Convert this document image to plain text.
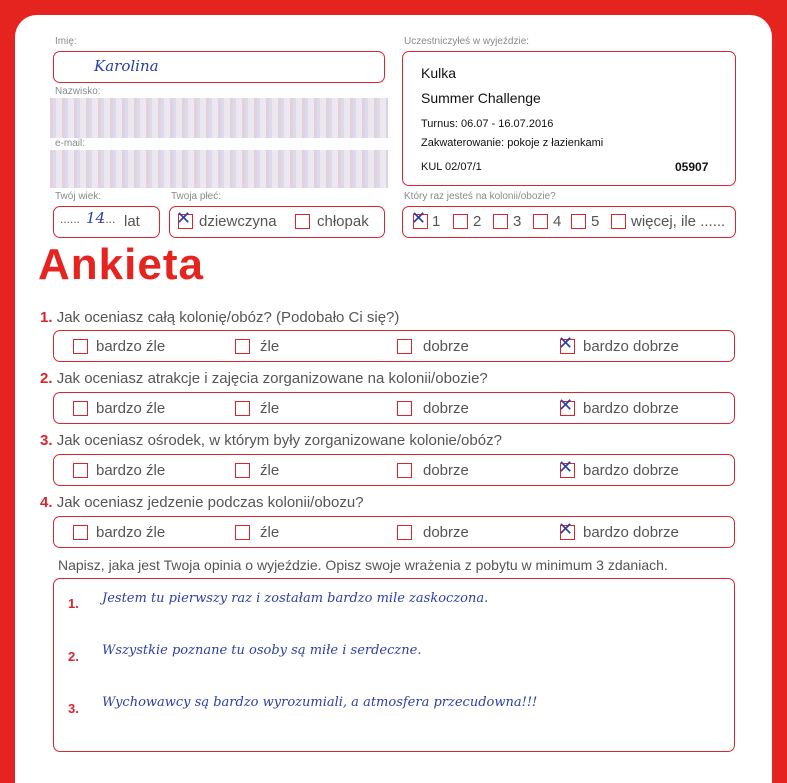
Imię:
Karolina
Nazwisko:
e-mail:
Twój wiek:
...... 14
.... lat
Twoja płeć:
✕ dziewczyna	chłopak
Uczestniczyłeś w wyjeździe:
Kulka
Summer Challenge
Turnus: 06.07 - 16.07.2016
Zakwaterowanie: pokoje z łazienkami
KUL 02/07/1	05907
Który raz jesteś na kolonii/obozie?
✕ 1 2 3 4 5 więcej, ile ......
Ankieta
1. Jak oceniasz całą kolonię/obóz? (Podobało Ci się?)
bardzo źle	źle	dobrze	✕ bardzo dobrze
2. Jak oceniasz atrakcje i zajęcia zorganizowane na kolonii/obozie?
bardzo źle	źle	dobrze	✕ bardzo dobrze
3. Jak oceniasz ośrodek, w którym były zorganizowane kolonie/obóz?
bardzo źle	źle	dobrze	✕ bardzo dobrze
4. Jak oceniasz jedzenie podczas kolonii/obozu?
bardzo źle	źle	dobrze	✕ bardzo dobrze
Napisz, jaka jest Twoja opinia o wyjeździe. Opisz swoje wrażenia z pobytu w minimum 3 zdaniach.
1. Jestem tu pierwszy raz i zostałam bardzo mile zaskoczona.
2. Wszystkie poznane tu osoby są miłe i serdeczne.
3. Wychowawcy są bardzo wyrozumiali, a atmosfera przecudowna!!!
